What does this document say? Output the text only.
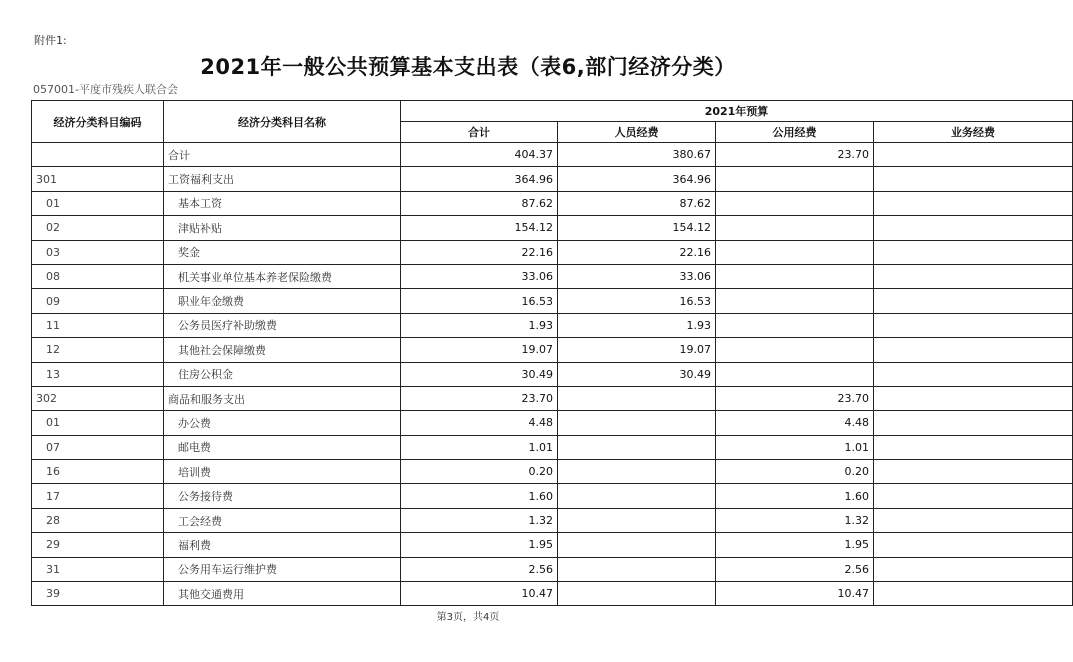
附件1:
2021年一般公共预算基本支出表（表6,部门经济分类）
057001-平度市残疾人联合会
经济分类科目编码	经济分类科目名称	2021年预算			
		合计	人员经费	公用经费	业务经费
	合计	404.37	380.67	23.70	
301	工资福利支出	364.96	364.96		
01	基本工资	87.62	87.62		
02	津贴补贴	154.12	154.12		
03	奖金	22.16	22.16		
08	机关事业单位基本养老保险缴费	33.06	33.06		
09	职业年金缴费	16.53	16.53		
11	公务员医疗补助缴费	1.93	1.93		
12	其他社会保障缴费	19.07	19.07		
13	住房公积金	30.49	30.49		
302	商品和服务支出	23.70		23.70	
01	办公费	4.48		4.48	
07	邮电费	1.01		1.01	
16	培训费	0.20		0.20	
17	公务接待费	1.60		1.60	
28	工会经费	1.32		1.32	
29	福利费	1.95		1.95	
31	公务用车运行维护费	2.56		2.56	
39	其他交通费用	10.47		10.47	
第3页，共4页
